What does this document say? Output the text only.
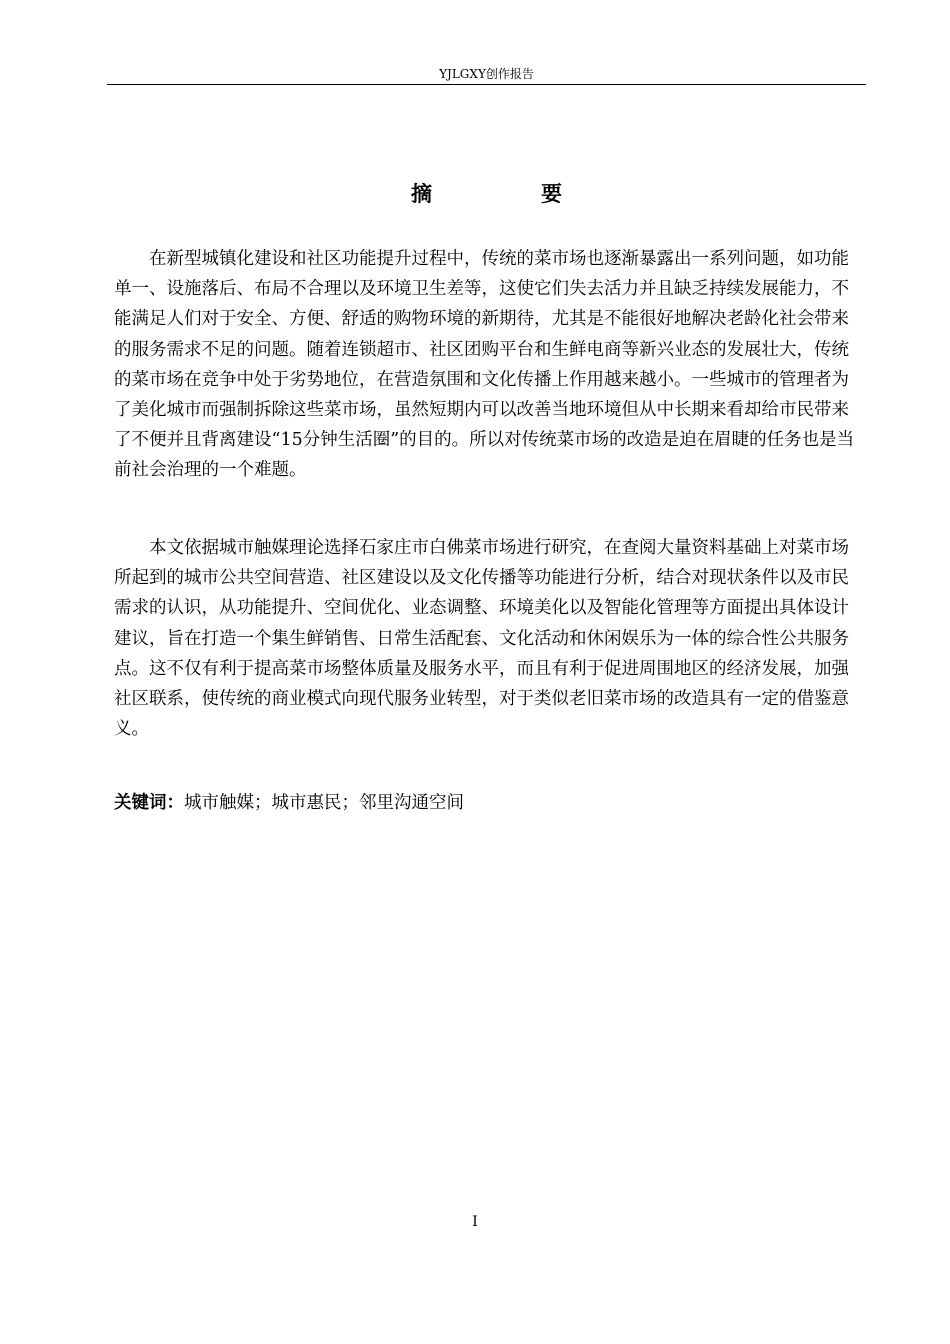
YJLGXY创作报告
摘　要

在新型城镇化建设和社区功能提升过程中，传统的菜市场也逐渐暴露出一系列问题，如功能单一、设施落后、布局不合理以及环境卫生差等，这使它们失去活力并且缺乏持续发展能力，不能满足人们对于安全、方便、舒适的购物环境的新期待，尤其是不能很好地解决老龄化社会带来的服务需求不足的问题。随着连锁超市、社区团购平台和生鲜电商等新兴业态的发展壮大，传统的菜市场在竞争中处于劣势地位，在营造氛围和文化传播上作用越来越小。一些城市的管理者为了美化城市而强制拆除这些菜市场，虽然短期内可以改善当地环境但从中长期来看却给市民带来了不便并且背离建设“15分钟生活圈”的目的。所以对传统菜市场的改造是迫在眉睫的任务也是当前社会治理的一个难题。

本文依据城市触媒理论选择石家庄市白佛菜市场进行研究，在查阅大量资料基础上对菜市场所起到的城市公共空间营造、社区建设以及文化传播等功能进行分析，结合对现状条件以及市民需求的认识，从功能提升、空间优化、业态调整、环境美化以及智能化管理等方面提出具体设计建议，旨在打造一个集生鲜销售、日常生活配套、文化活动和休闲娱乐为一体的综合性公共服务点。这不仅有利于提高菜市场整体质量及服务水平，而且有利于促进周围地区的经济发展，加强社区联系，使传统的商业模式向现代服务业转型，对于类似老旧菜市场的改造具有一定的借鉴意义。

关键词：城市触媒；城市惠民；邻里沟通空间
I
